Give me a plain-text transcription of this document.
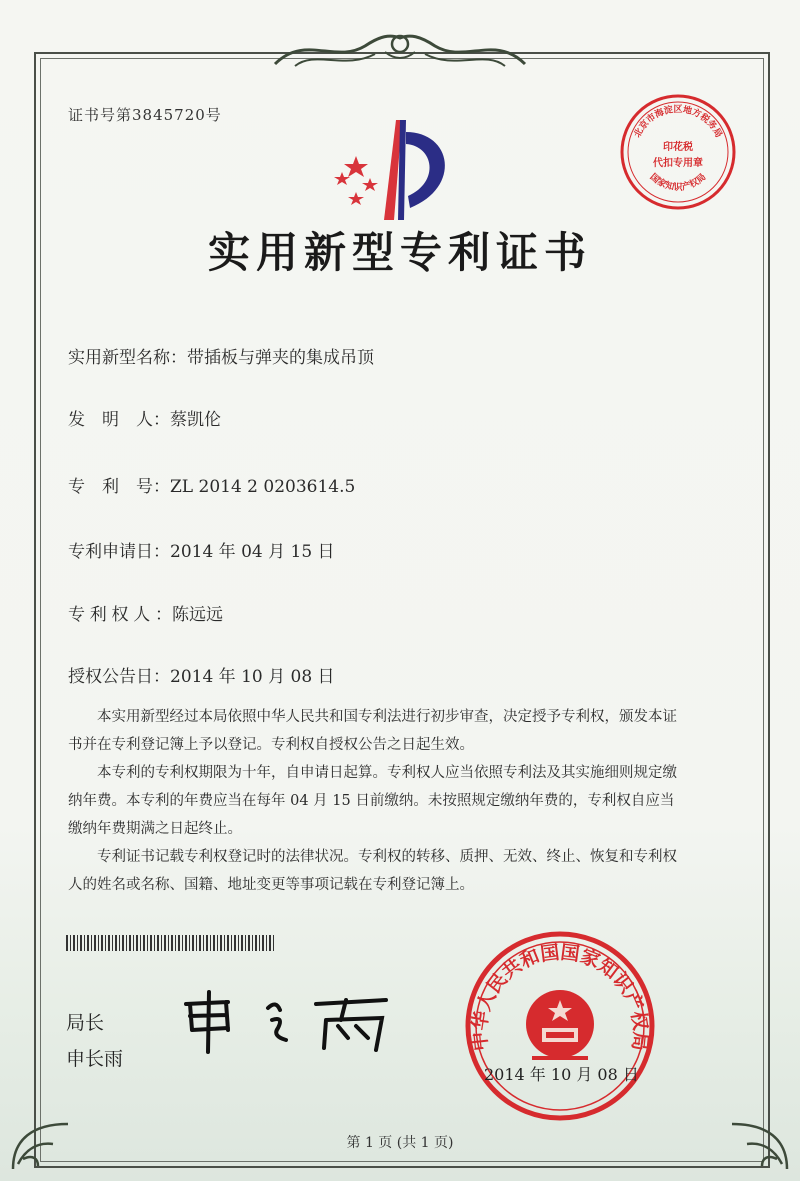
证书号第3845720号
北京市海淀区地方税务局
印花税
代扣专用章
国家知识产权局
实用新型专利证书
实用新型名称：带插板与弹夹的集成吊顶
发　明　人：蔡凯伦
专　利　号：ZL 2014 2 0203614.5
专利申请日：2014 年 04 月 15 日
专利权人：陈远远
授权公告日：2014 年 10 月 08 日

本实用新型经过本局依照中华人民共和国专利法进行初步审查，决定授予专利权，颁发本证书并在专利登记簿上予以登记。专利权自授权公告之日起生效。

本专利的专利权期限为十年，自申请日起算。专利权人应当依照专利法及其实施细则规定缴纳年费。本专利的年费应当在每年 04 月 15 日前缴纳。未按照规定缴纳年费的，专利权自应当缴纳年费期满之日起终止。

专利证书记载专利权登记时的法律状况。专利权的转移、质押、无效、终止、恢复和专利权人的姓名或名称、国籍、地址变更等事项记载在专利登记簿上。

局长
申长雨
中华人民共和国国家知识产权局
2014 年 10 月 08 日
第 1 页 (共 1 页)
